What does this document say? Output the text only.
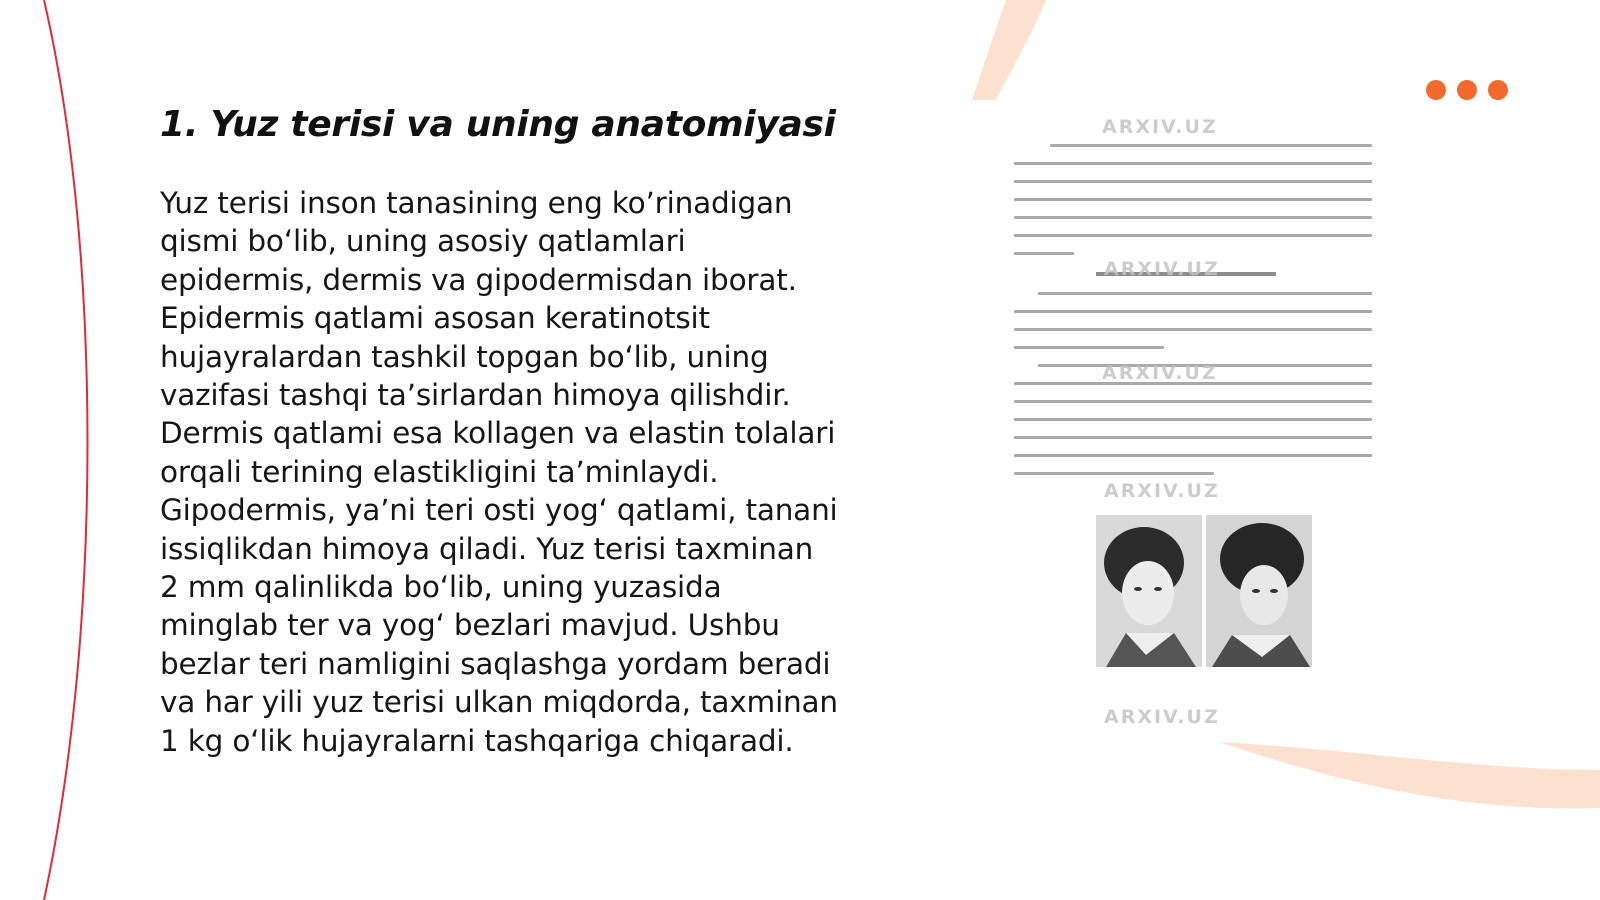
1. Yuz terisi va uning anatomiyasi

Yuz terisi inson tanasining eng ko’rinadigan qismi bo‘lib, uning asosiy qatlamlari epidermis, dermis va gipodermisdan iborat. Epidermis qatlami asosan keratinotsit hujayralardan tashkil topgan bo‘lib, uning vazifasi tashqi ta’sirlardan himoya qilishdir. Dermis qatlami esa kollagen va elastin tolalari orqali terining elastikligini ta’minlaydi. Gipodermis, ya’ni teri osti yog‘ qatlami, tanani issiqlikdan himoya qiladi. Yuz terisi taxminan 2 mm qalinlikda bo‘lib, uning yuzasida minglab ter va yog‘ bezlari mavjud. Ushbu bezlar teri namligini saqlashga yordam beradi va har yili yuz terisi ulkan miqdorda, taxminan 1 kg o‘lik hujayralarni tashqariga chiqaradi.

ARXIV.UZ
ARXIV.UZ
ARXIV.UZ
ARXIV.UZ
ARXIV.UZ
